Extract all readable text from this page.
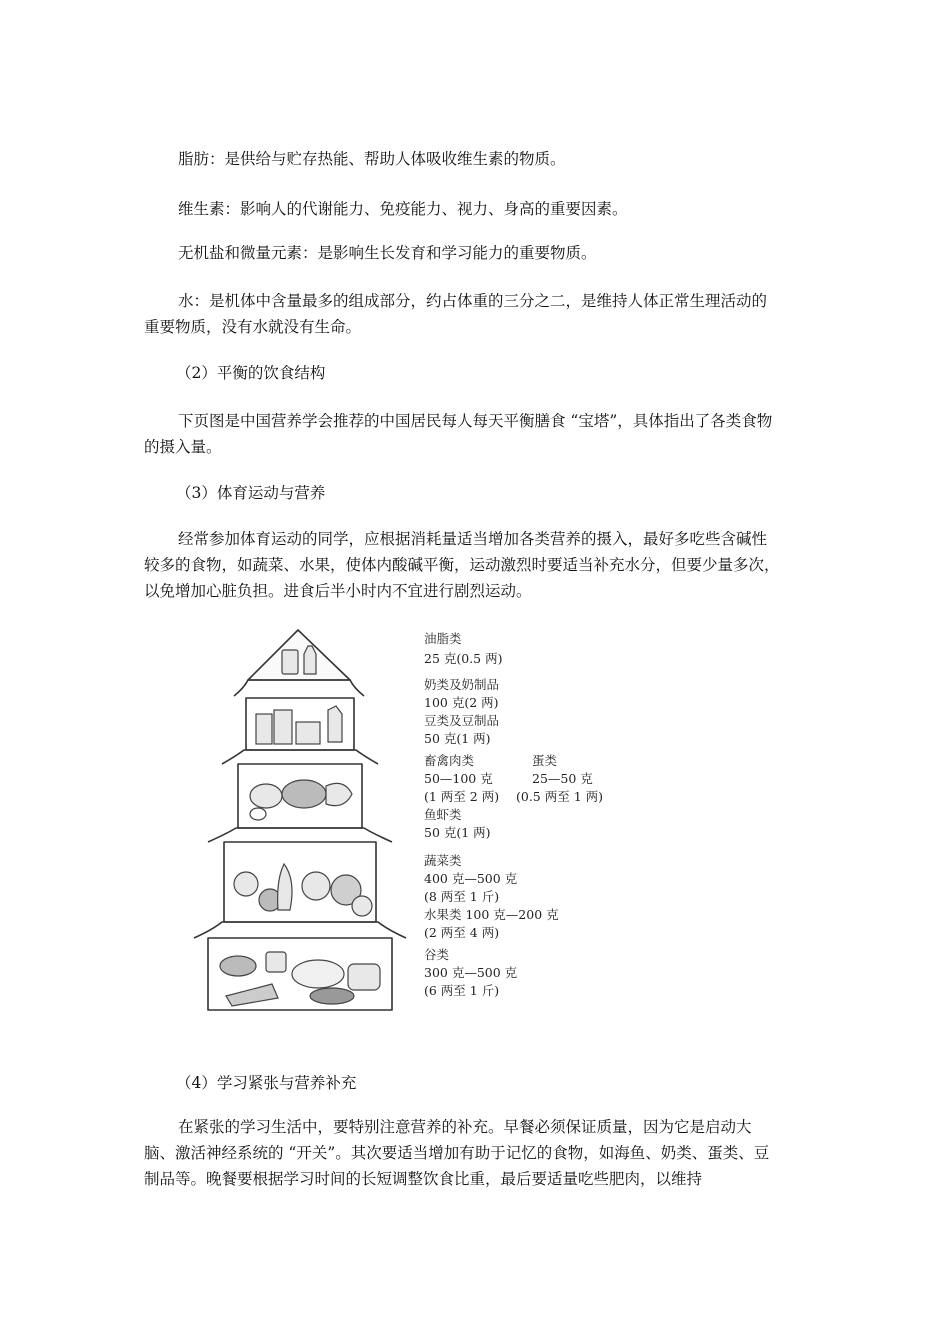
脂肪：是供给与贮存热能、帮助人体吸收维生素的物质。

维生素：影响人的代谢能力、免疫能力、视力、身高的重要因素。

无机盐和微量元素：是影响生长发育和学习能力的重要物质。

水：是机体中含量最多的组成部分，约占体重的三分之二，是维持人体正常生理活动的重要物质，没有水就没有生命。

（2）平衡的饮食结构

下页图是中国营养学会推荐的中国居民每人每天平衡膳食 “宝塔”，具体指出了各类食物的摄入量。

（3）体育运动与营养

经常参加体育运动的同学，应根据消耗量适当增加各类营养的摄入，最好多吃些含碱性较多的食物，如蔬菜、水果，使体内酸碱平衡，运动激烈时要适当补充水分，但要少量多次，以免增加心脏负担。进食后半小时内不宜进行剧烈运动。

油脂类
25 克(0.5 两)
奶类及奶制品
100 克(2 两)
豆类及豆制品
50 克(1 两)
畜禽肉类	蛋类
50—100 克	25—50 克
(1 两至 2 两) (0.5 两至 1 两)
鱼虾类
50 克(1 两)
蔬菜类
400 克—500 克
(8 两至 1 斤)
水果类 100 克—200 克
(2 两至 4 两)
谷类
300 克—500 克
(6 两至 1 斤)

（4）学习紧张与营养补充

在紧张的学习生活中，要特别注意营养的补充。早餐必须保证质量，因为它是启动大脑、激活神经系统的 “开关”。其次要适当增加有助于记忆的食物，如海鱼、奶类、蛋类、豆制品等。晚餐要根据学习时间的长短调整饮食比重，最后要适量吃些肥肉，以维持
